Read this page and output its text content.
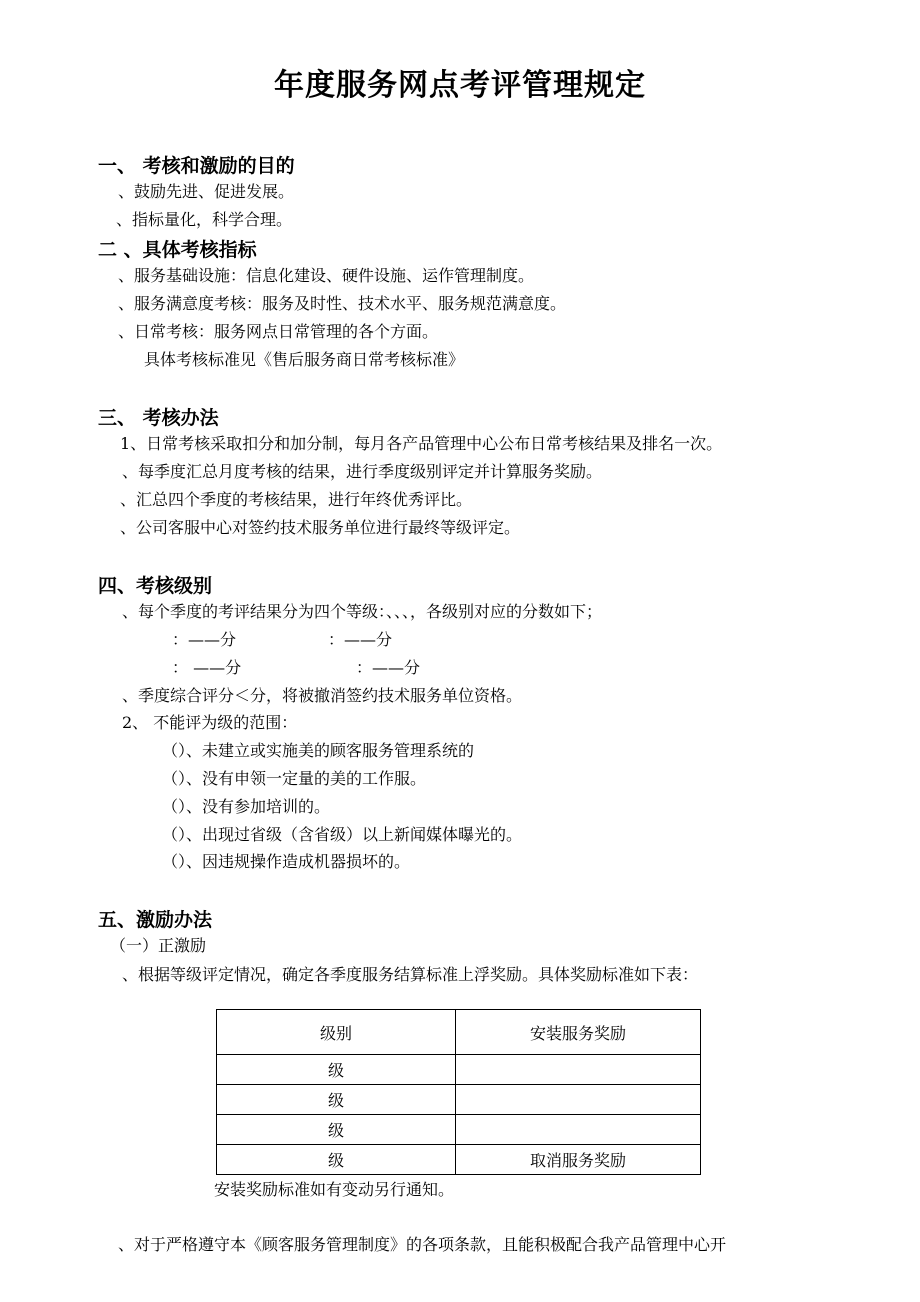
年度服务网点考评管理规定
一、 考核和激励的目的
、鼓励先进、促进发展。
、指标量化，科学合理。
二 、具体考核指标
、服务基础设施：信息化建设、硬件设施、运作管理制度。
、服务满意度考核：服务及时性、技术水平、服务规范满意度。
、日常考核：服务网点日常管理的各个方面。
具体考核标准见《售后服务商日常考核标准》
三、 考核办法
1、日常考核采取扣分和加分制，每月各产品管理中心公布日常考核结果及排名一次。
、每季度汇总月度考核的结果，进行季度级别评定并计算服务奖励。
、汇总四个季度的考核结果，进行年终优秀评比。
、公司客服中心对签约技术服务单位进行最终等级评定。
四、考核级别
、每个季度的考评结果分为四个等级：、、、，各级别对应的分数如下；
：——分	：——分
： ——分	：——分
、季度综合评分＜分，将被撤消签约技术服务单位资格。
2、 不能评为级的范围：
（）、未建立或实施美的顾客服务管理系统的
（）、没有申领一定量的美的工作服。
（）、没有参加培训的。
（）、出现过省级（含省级）以上新闻媒体曝光的。
（）、因违规操作造成机器损坏的。
五、激励办法
（一）正激励
、根据等级评定情况，确定各季度服务结算标准上浮奖励。具体奖励标准如下表：
级别	安装服务奖励
级	
级	
级	
级	取消服务奖励
安装奖励标准如有变动另行通知。
、对于严格遵守本《顾客服务管理制度》的各项条款，且能积极配合我产品管理中心开
